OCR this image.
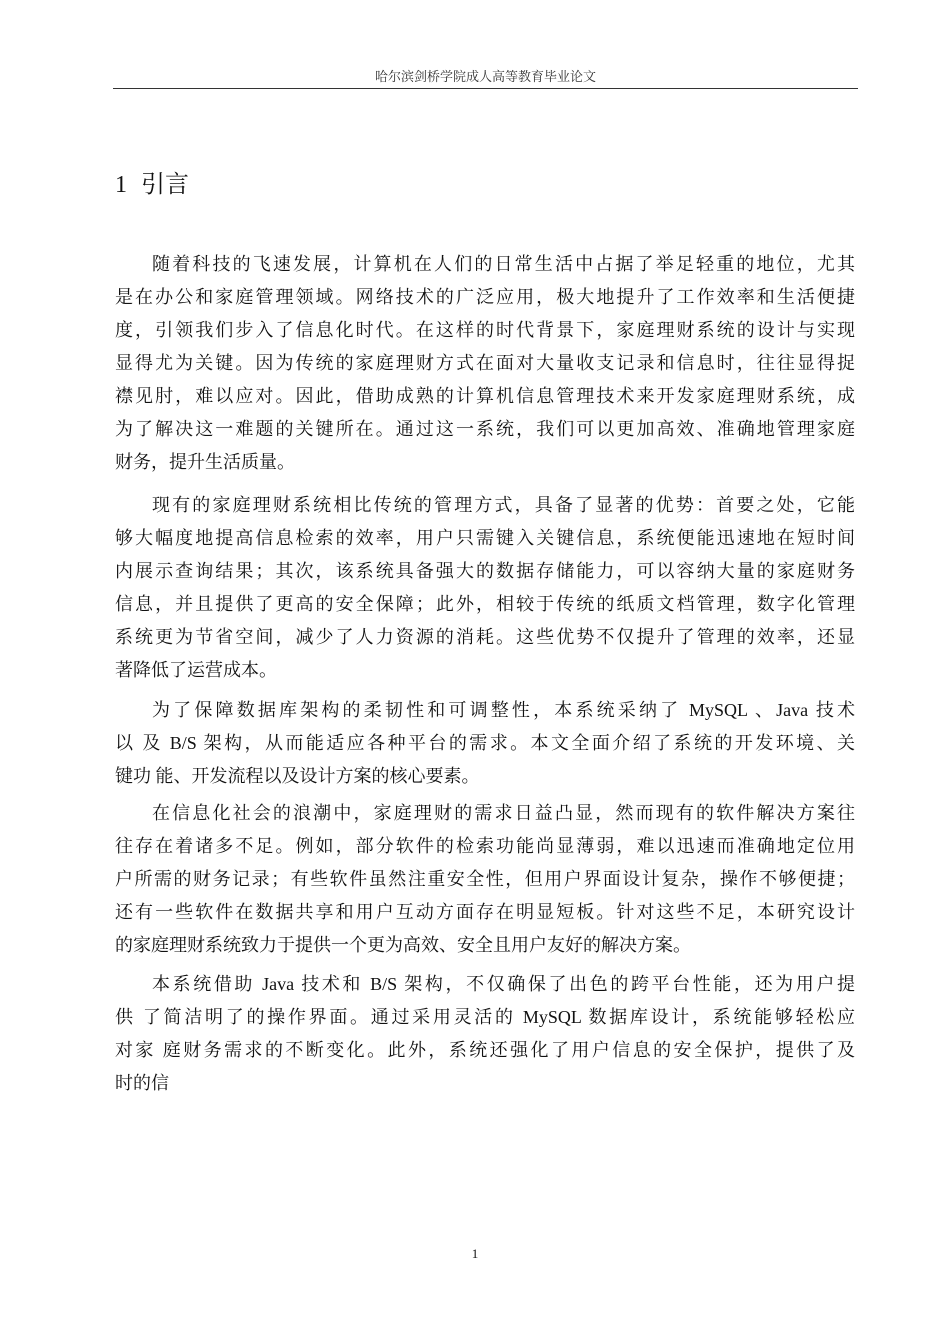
哈尔滨剑桥学院成人高等教育毕业论文
1 引言
随着科技的飞速发展，计算机在人们的日常生活中占据了举足轻重的地位，尤其
是在办公和家庭管理领域。网络技术的广泛应用，极大地提升了工作效率和生活便捷
度，引领我们步入了信息化时代。在这样的时代背景下，家庭理财系统的设计与实现
显得尤为关键。因为传统的家庭理财方式在面对大量收支记录和信息时，往往显得捉
襟见肘，难以应对。因此，借助成熟的计算机信息管理技术来开发家庭理财系统，成
为了解决这一难题的关键所在。通过这一系统，我们可以更加高效、准确地管理家庭
财务，提升生活质量。
现有的家庭理财系统相比传统的管理方式，具备了显著的优势：首要之处，它能
够大幅度地提高信息检索的效率，用户只需键入关键信息，系统便能迅速地在短时间
内展示查询结果；其次，该系统具备强大的数据存储能力，可以容纳大量的家庭财务
信息，并且提供了更高的安全保障；此外，相较于传统的纸质文档管理，数字化管理
系统更为节省空间，减少了人力资源的消耗。这些优势不仅提升了管理的效率，还显
著降低了运营成本。
为了保障数据库架构的柔韧性和可调整性，本系统采纳了 MySQL 、Java 技术
以 及 B/S 架构，从而能适应各种平台的需求。本文全面介绍了系统的开发环境、关
键功 能、开发流程以及设计方案的核心要素。
在信息化社会的浪潮中，家庭理财的需求日益凸显，然而现有的软件解决方案往
往存在着诸多不足。例如，部分软件的检索功能尚显薄弱，难以迅速而准确地定位用
户所需的财务记录；有些软件虽然注重安全性，但用户界面设计复杂，操作不够便捷；
还有一些软件在数据共享和用户互动方面存在明显短板。针对这些不足，本研究设计
的家庭理财系统致力于提供一个更为高效、安全且用户友好的解决方案。
本系统借助 Java 技术和 B/S 架构，不仅确保了出色的跨平台性能，还为用户提
供 了简洁明了的操作界面。通过采用灵活的 MySQL 数据库设计，系统能够轻松应
对家 庭财务需求的不断变化。此外，系统还强化了用户信息的安全保护，提供了及
时的信
1
